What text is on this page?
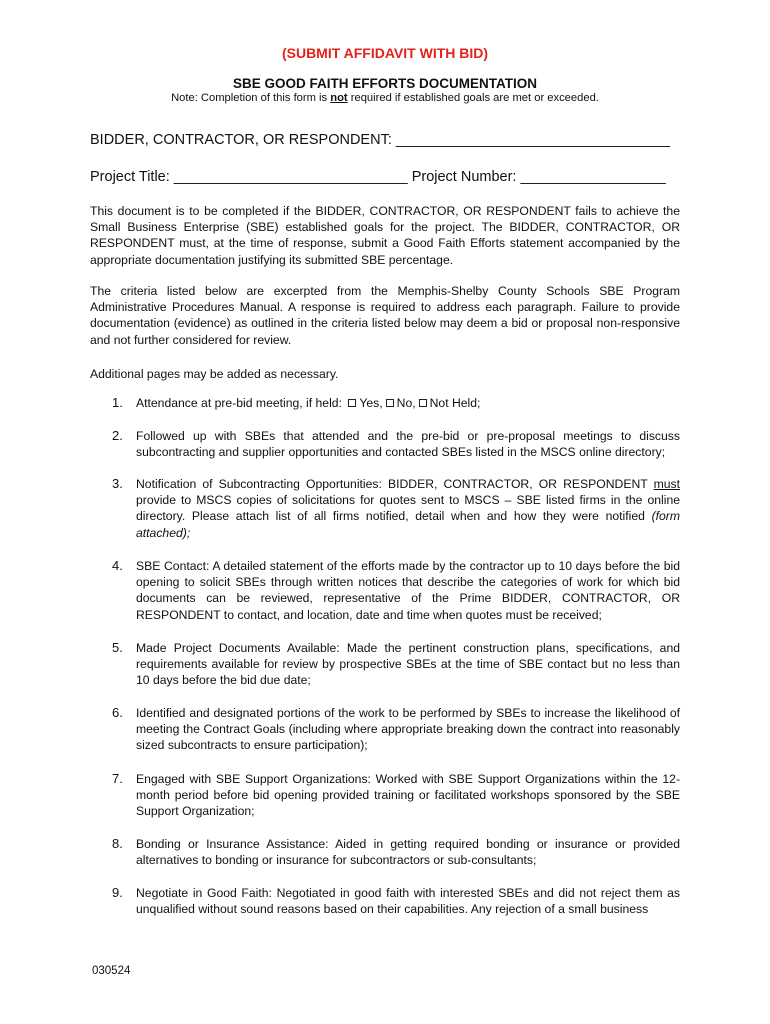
(SUBMIT AFFIDAVIT WITH BID)
SBE GOOD FAITH EFFORTS DOCUMENTATION
Note: Completion of this form is not required if established goals are met or exceeded.
BIDDER, CONTRACTOR, OR RESPONDENT: __________________________________
Project Title: _____________________________ Project Number: __________________
This document is to be completed if the BIDDER, CONTRACTOR, OR RESPONDENT fails to achieve the Small Business Enterprise (SBE) established goals for the project. The BIDDER, CONTRACTOR, OR RESPONDENT must, at the time of response, submit a Good Faith Efforts statement accompanied by the appropriate documentation justifying its submitted SBE percentage.
The criteria listed below are excerpted from the Memphis-Shelby County Schools SBE Program Administrative Procedures Manual. A response is required to address each paragraph. Failure to provide documentation (evidence) as outlined in the criteria listed below may deem a bid or proposal non-responsive and not further considered for review.
Additional pages may be added as necessary.
1.	Attendance at pre-bid meeting, if held: Yes, No, Not Held;
2.	Followed up with SBEs that attended and the pre-bid or pre-proposal meetings to discuss subcontracting and supplier opportunities and contacted SBEs listed in the MSCS online directory;
3.	Notification of Subcontracting Opportunities: BIDDER, CONTRACTOR, OR RESPONDENT must provide to MSCS copies of solicitations for quotes sent to MSCS – SBE listed firms in the online directory. Please attach list of all firms notified, detail when and how they were notified (form attached);
4.	SBE Contact: A detailed statement of the efforts made by the contractor up to 10 days before the bid opening to solicit SBEs through written notices that describe the categories of work for which bid documents can be reviewed, representative of the Prime BIDDER, CONTRACTOR, OR RESPONDENT to contact, and location, date and time when quotes must be received;
5.	Made Project Documents Available: Made the pertinent construction plans, specifications, and requirements available for review by prospective SBEs at the time of SBE contact but no less than 10 days before the bid due date;
6.	Identified and designated portions of the work to be performed by SBEs to increase the likelihood of meeting the Contract Goals (including where appropriate breaking down the contract into reasonably sized subcontracts to ensure participation);
7.	Engaged with SBE Support Organizations: Worked with SBE Support Organizations within the 12-month period before bid opening provided training or facilitated workshops sponsored by the SBE Support Organization;
8.	Bonding or Insurance Assistance: Aided in getting required bonding or insurance or provided alternatives to bonding or insurance for subcontractors or sub-consultants;
9.	Negotiate in Good Faith: Negotiated in good faith with interested SBEs and did not reject them as unqualified without sound reasons based on their capabilities. Any rejection of a small business
030524
